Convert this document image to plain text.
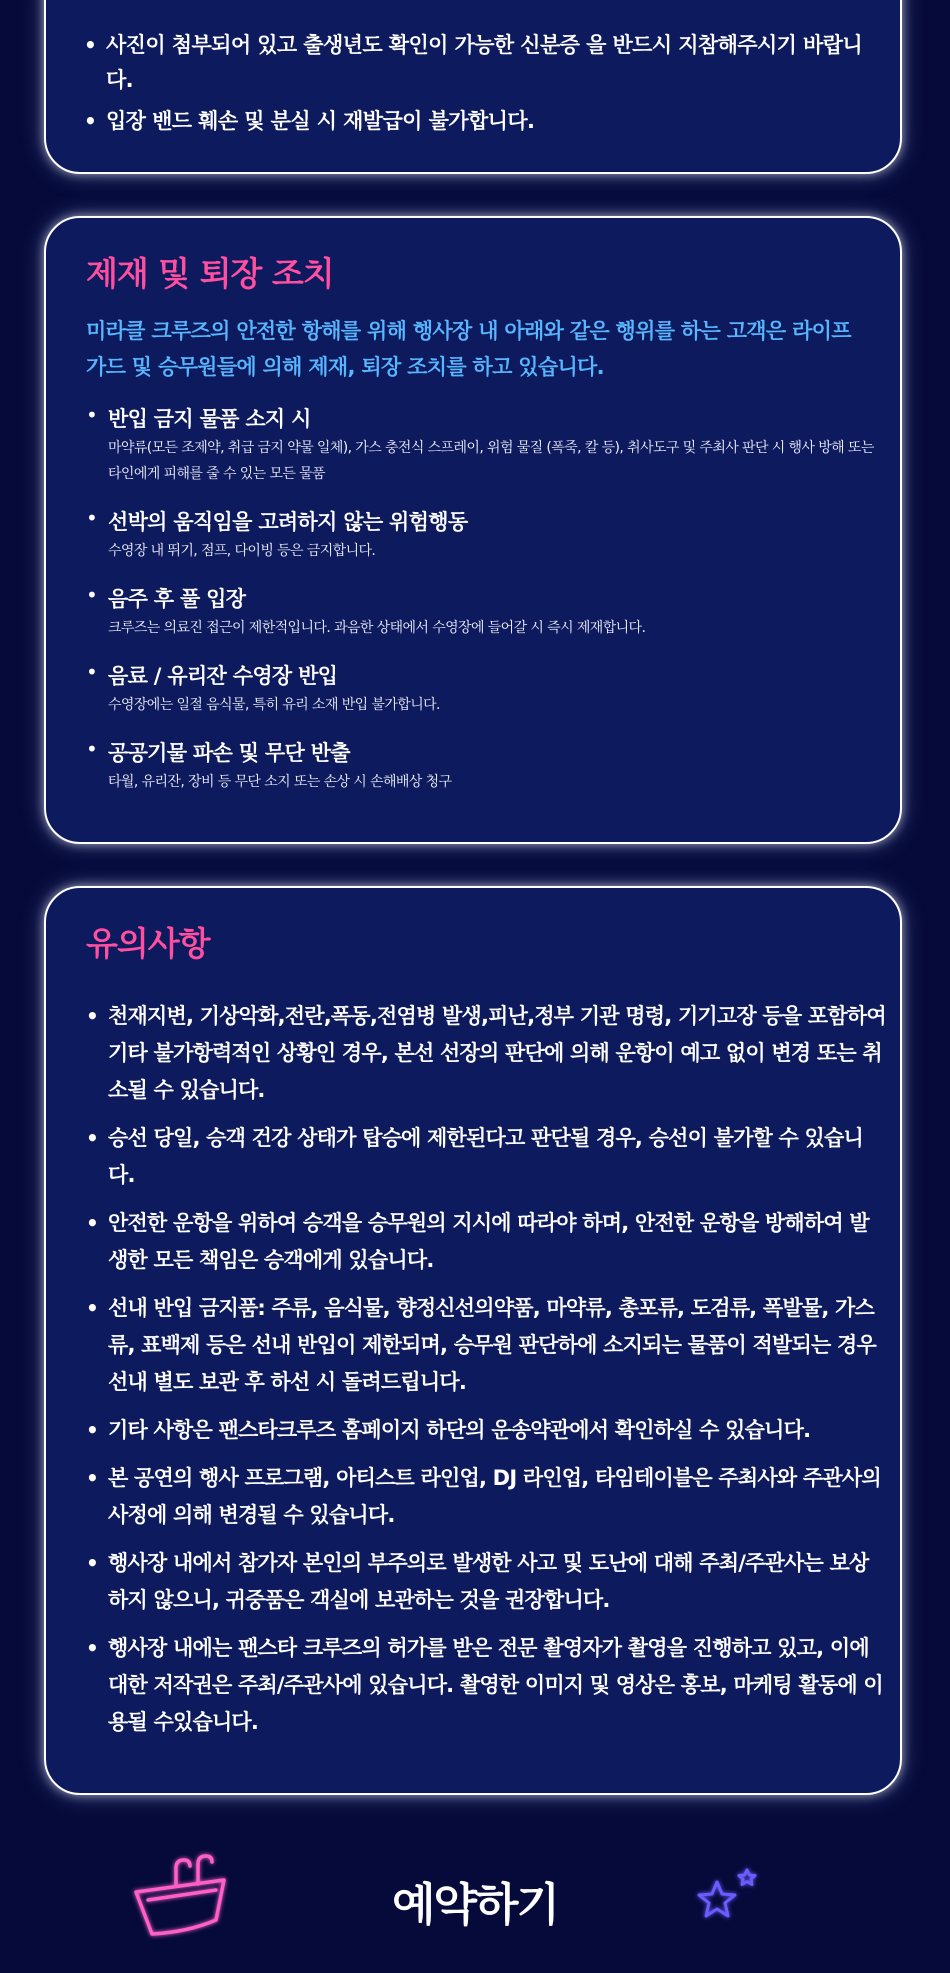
• 사진이 첨부되어 있고 출생년도 확인이 가능한 신분증 을 반드시 지참해주시기 바랍니다.
• 입장 밴드 훼손 및 분실 시 재발급이 불가합니다.
제재 및 퇴장 조치
미라클 크루즈의 안전한 항해를 위해 행사장 내 아래와 같은 행위를 하는 고객은 라이프가드 및 승무원들에 의해 제재, 퇴장 조치를 하고 있습니다.
• 반입 금지 물품 소지 시
마약류(모든 조제약, 취급 금지 약물 일체), 가스 충전식 스프레이, 위험 물질 (폭죽, 칼 등), 취사도구 및 주최사 판단 시 행사 방해 또는 타인에게 피해를 줄 수 있는 모든 물품
• 선박의 움직임을 고려하지 않는 위험행동
수영장 내 뛰기, 점프, 다이빙 등은 금지합니다.
• 음주 후 풀 입장
크루즈는 의료진 접근이 제한적입니다. 과음한 상태에서 수영장에 들어갈 시 즉시 제재합니다.
• 음료 / 유리잔 수영장 반입
수영장에는 일절 음식물, 특히 유리 소재 반입 불가합니다.
• 공공기물 파손 및 무단 반출
타월, 유리잔, 장비 등 무단 소지 또는 손상 시 손해배상 청구
유의사항
• 천재지변, 기상악화,전란,폭동,전염병 발생,피난,정부 기관 명령, 기기고장 등을 포함하여 기타 불가항력적인 상황인 경우, 본선 선장의 판단에 의해 운항이 예고 없이 변경 또는 취소될 수 있습니다.
• 승선 당일, 승객 건강 상태가 탑승에 제한된다고 판단될 경우, 승선이 불가할 수 있습니다.
• 안전한 운항을 위하여 승객을 승무원의 지시에 따라야 하며, 안전한 운항을 방해하여 발생한 모든 책임은 승객에게 있습니다.
• 선내 반입 금지품: 주류, 음식물, 향정신선의약품, 마약류, 총포류, 도검류, 폭발물, 가스류, 표백제 등은 선내 반입이 제한되며, 승무원 판단하에 소지되는 물품이 적발되는 경우 선내 별도 보관 후 하선 시 돌려드립니다.
• 기타 사항은 팬스타크루즈 홈페이지 하단의 운송약관에서 확인하실 수 있습니다.
• 본 공연의 행사 프로그램, 아티스트 라인업, DJ 라인업, 타임테이블은 주최사와 주관사의 사정에 의해 변경될 수 있습니다.
• 행사장 내에서 참가자 본인의 부주의로 발생한 사고 및 도난에 대해 주최/주관사는 보상하지 않으니, 귀중품은 객실에 보관하는 것을 권장합니다.
• 행사장 내에는 팬스타 크루즈의 허가를 받은 전문 촬영자가 촬영을 진행하고 있고, 이에 대한 저작권은 주최/주관사에 있습니다. 촬영한 이미지 및 영상은 홍보, 마케팅 활동에 이용될 수있습니다.
예약하기
